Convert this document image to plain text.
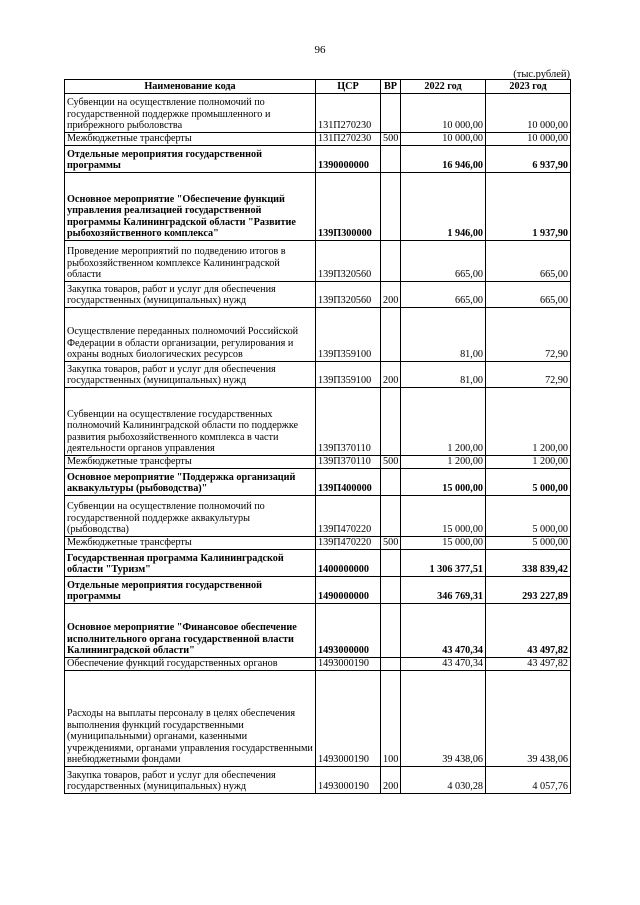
96
(тыс.рублей)
Наименование кода	ЦСР	ВР	2022 год	2023 год
Субвенции на осуществление полномочий по государственной поддержке промышленного и прибрежного рыболовства	131П270230		10 000,00	10 000,00
Межбюджетные трансферты	131П270230	500	10 000,00	10 000,00
Отдельные мероприятия государственной программы	1390000000		16 946,00	6 937,90
Основное мероприятие "Обеспечение функций управления реализацией государственной программы Калининградской области "Развитие рыбохозяйственного комплекса"	139П300000		1 946,00	1 937,90
Проведение мероприятий по подведению итогов в рыбохозяйственном комплексе Калининградской области	139П320560		665,00	665,00
Закупка товаров, работ и услуг для обеспечения государственных (муниципальных) нужд	139П320560	200	665,00	665,00
Осуществление переданных полномочий Российской Федерации в области организации, регулирования и охраны водных биологических ресурсов	139П359100		81,00	72,90
Закупка товаров, работ и услуг для обеспечения государственных (муниципальных) нужд	139П359100	200	81,00	72,90
Субвенции на осуществление государственных полномочий Калининградской области по поддержке развития рыбохозяйственного комплекса в части деятельности органов управления	139П370110		1 200,00	1 200,00
Межбюджетные трансферты	139П370110	500	1 200,00	1 200,00
Основное мероприятие "Поддержка организаций аквакультуры (рыбоводства)"	139П400000		15 000,00	5 000,00
Субвенции на осуществление полномочий по государственной поддержке аквакультуры (рыбоводства)	139П470220		15 000,00	5 000,00
Межбюджетные трансферты	139П470220	500	15 000,00	5 000,00
Государственная программа Калининградской области "Туризм"	1400000000		1 306 377,51	338 839,42
Отдельные мероприятия государственной программы	1490000000		346 769,31	293 227,89
Основное мероприятие "Финансовое обеспечение исполнительного органа государственной власти Калининградской области"	1493000000		43 470,34	43 497,82
Обеспечение функций государственных органов	1493000190		43 470,34	43 497,82
Расходы на выплаты персоналу в целях обеспечения выполнения функций государственными (муниципальными) органами, казенными учреждениями, органами управления государственными внебюджетными фондами	1493000190	100	39 438,06	39 438,06
Закупка товаров, работ и услуг для обеспечения государственных (муниципальных) нужд	1493000190	200	4 030,28	4 057,76
